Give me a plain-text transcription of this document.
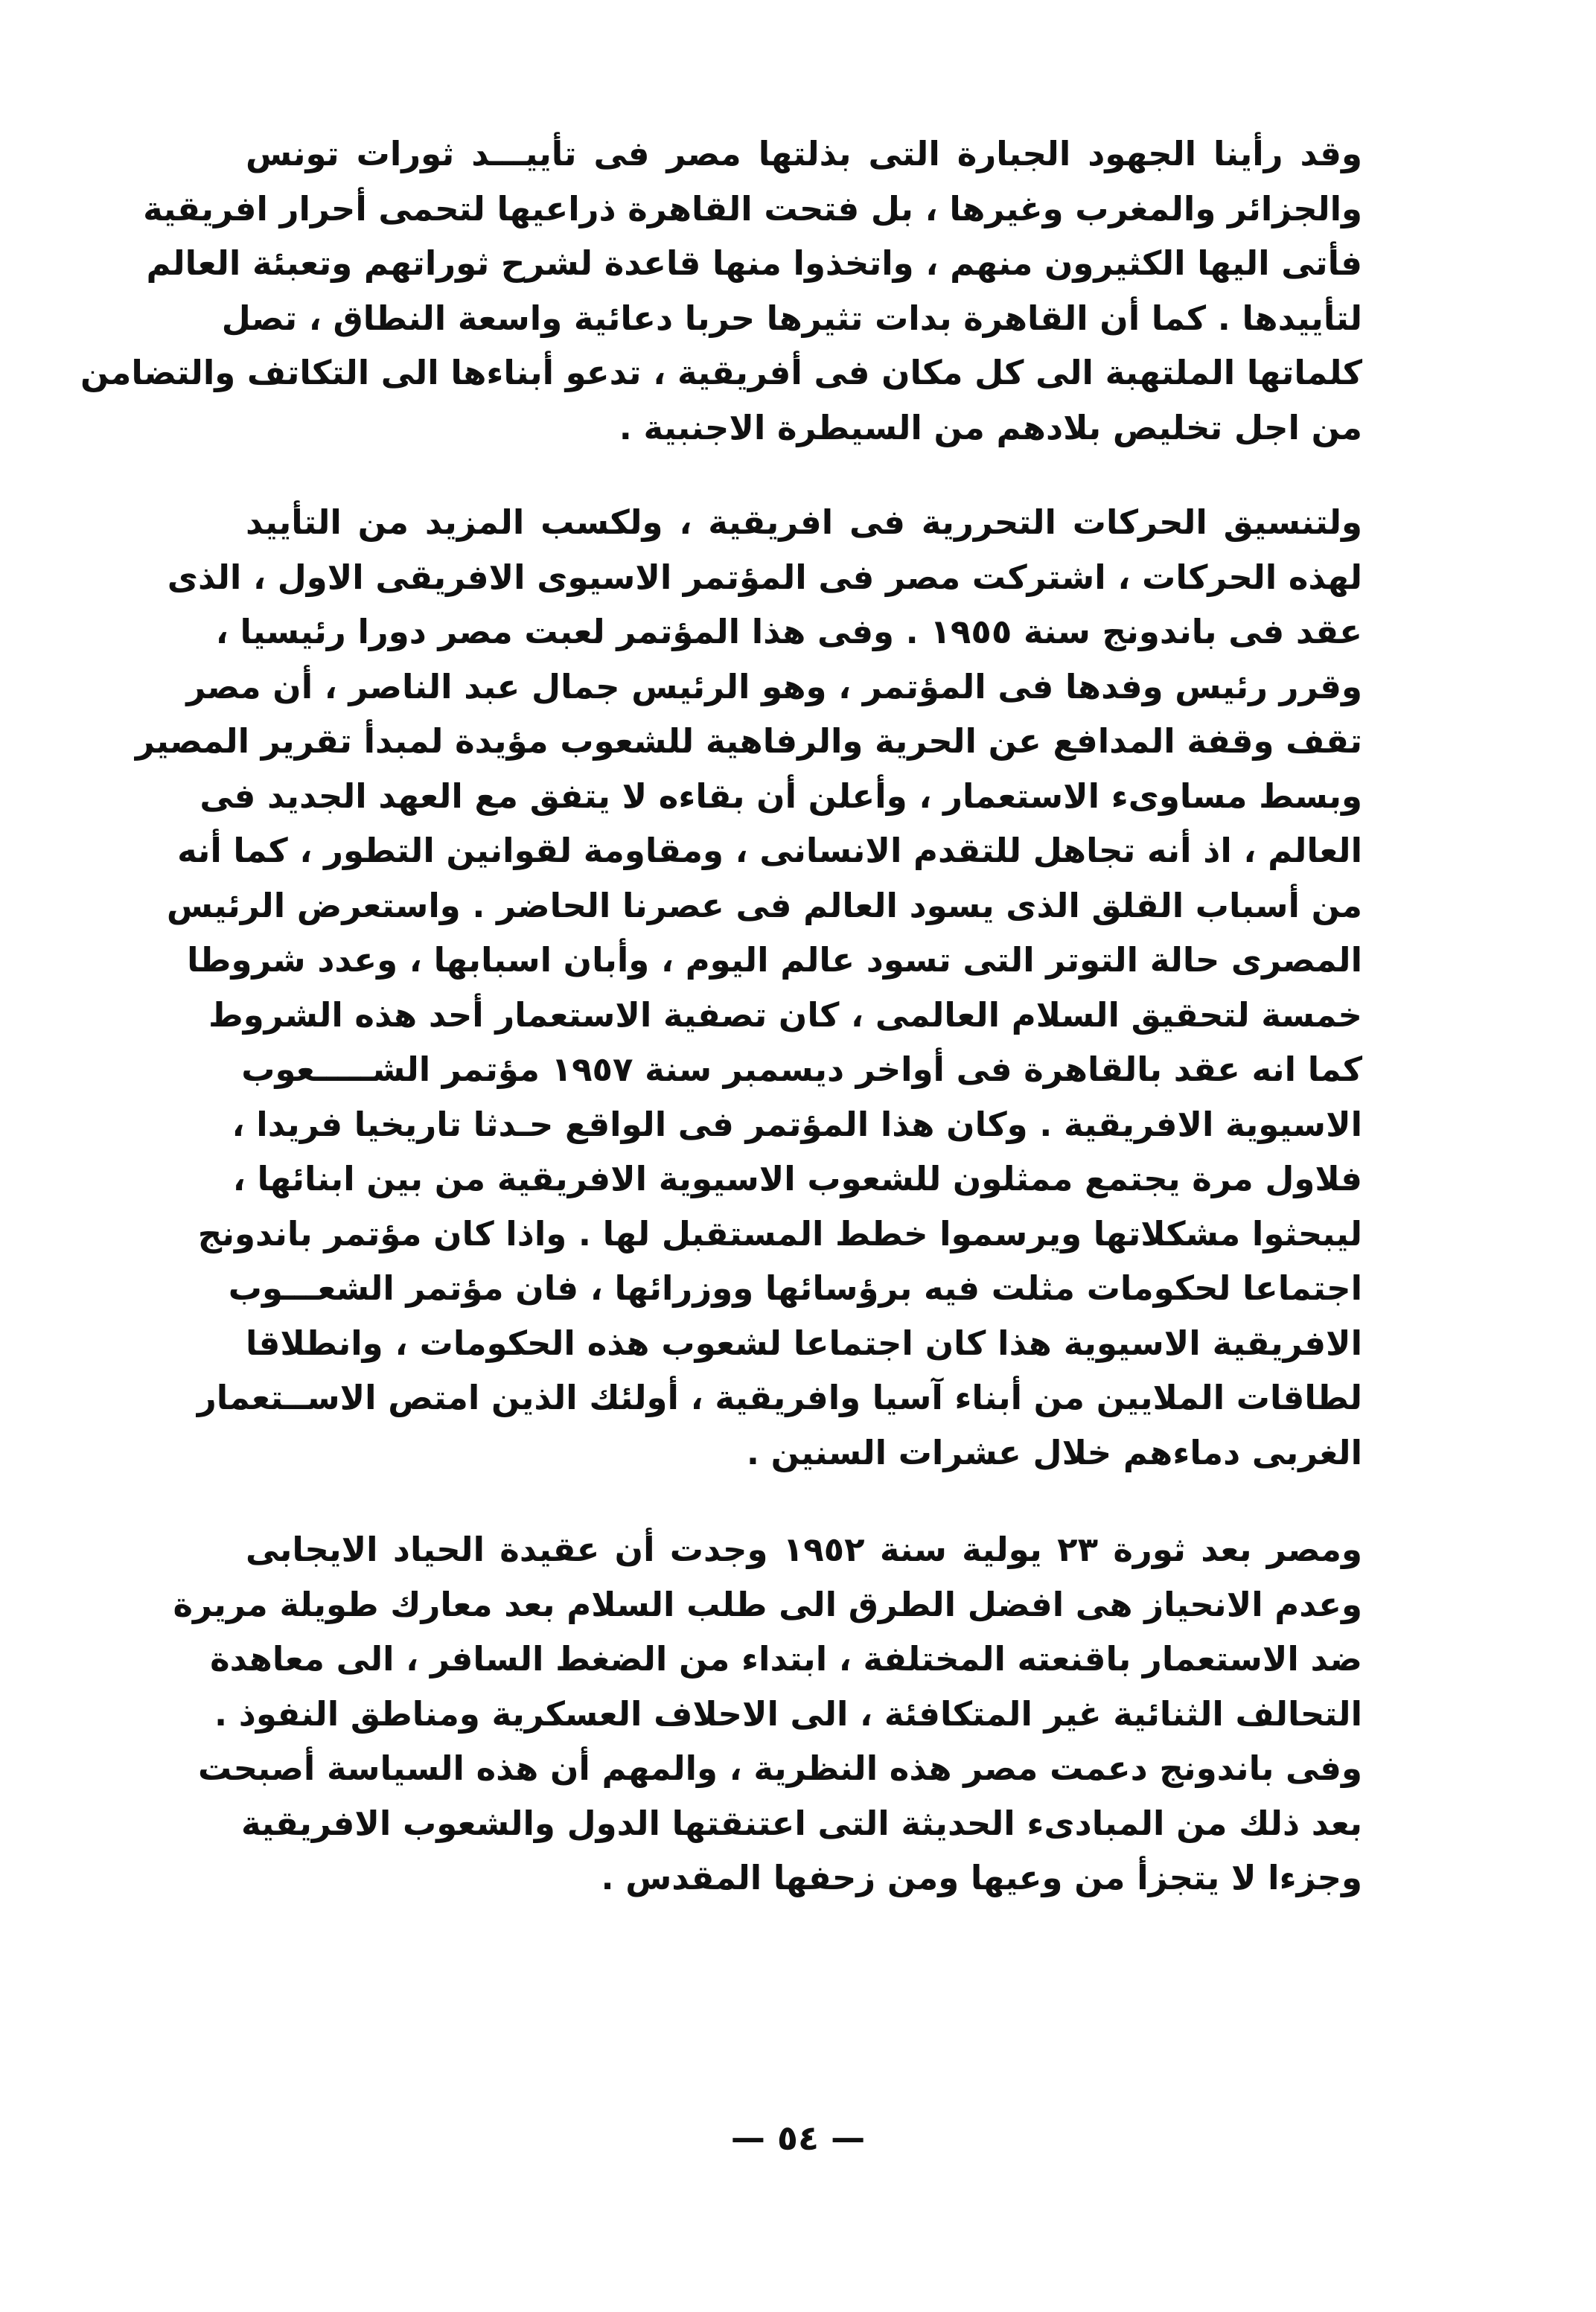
وقد رأينا الجهود الجبارة التى بذلتها مصر فى تأييـــد ثورات تونس
والجزائر والمغرب وغيرها ، بل فتحت القاهرة ذراعيها لتحمى أحرار افريقية
فأتى اليها الكثيرون منهم ، واتخذوا منها قاعدة لشرح ثوراتهم وتعبئة العالم
لتأييدها . كما أن القاهرة بدات تثيرها حربا دعائية واسعة النطاق ، تصل
كلماتها الملتهبة الى كل مكان فى أفريقية ، تدعو أبناءها الى التكاتف والتضامن
من اجل تخليص بلادهم من السيطرة الاجنبية .
ولتنسيق الحركات التحررية فى افريقية ، ولكسب المزيد من التأييد
لهذه الحركات ، اشتركت مصر فى المؤتمر الاسيوى الافريقى الاول ، الذى
عقد فى باندونج سنة ١٩٥٥ . وفى هذا المؤتمر لعبت مصر دورا رئيسيا ،
وقرر رئيس وفدها فى المؤتمر ، وهو الرئيس جمال عبد الناصر ، أن مصر
تقف وقفة المدافع عن الحرية والرفاهية للشعوب مؤيدة لمبدأ تقرير المصير
وبسط مساوىء الاستعمار ، وأعلن أن بقاءه لا يتفق مع العهد الجديد فى
العالم ، اذ أنه تجاهل للتقدم الانسانى ، ومقاومة لقوانين التطور ، كما أنه
من أسباب القلق الذى يسود العالم فى عصرنا الحاضر . واستعرض الرئيس
المصرى حالة التوتر التى تسود عالم اليوم ، وأبان اسبابها ، وعدد شروطا
خمسة لتحقيق السلام العالمى ، كان تصفية الاستعمار أحد هذه الشروط
كما انه عقد بالقاهرة فى أواخر ديسمبر سنة ١٩٥٧ مؤتمر الشـــــعوب
الاسيوية الافريقية . وكان هذا المؤتمر فى الواقع حـدثا تاريخيا فريدا ،
فلاول مرة يجتمع ممثلون للشعوب الاسيوية الافريقية من بين ابنائها ،
ليبحثوا مشكلاتها ويرسموا خطط المستقبل لها . واذا كان مؤتمر باندونج
اجتماعا لحكومات مثلت فيه برؤسائها ووزرائها ، فان مؤتمر الشعـــوب
الافريقية الاسيوية هذا كان اجتماعا لشعوب هذه الحكومات ، وانطلاقا
لطاقات الملايين من أبناء آسيا وافريقية ، أولئك الذين امتص الاســتعمار
الغربى دماءهم خلال عشرات السنين .
ومصر بعد ثورة ٢٣ يولية سنة ١٩٥٢ وجدت أن عقيدة الحياد الايجابى
وعدم الانحياز هى افضل الطرق الى طلب السلام بعد معارك طويلة مريرة
ضد الاستعمار باقنعته المختلفة ، ابتداء من الضغط السافر ، الى معاهدة
التحالف الثنائية غير المتكافئة ، الى الاحلاف العسكرية ومناطق النفوذ .
وفى باندونج دعمت مصر هذه النظرية ، والمهم أن هذه السياسة أصبحت
بعد ذلك من المبادىء الحديثة التى اعتنقتها الدول والشعوب الافريقية
وجزءا لا يتجزأ من وعيها ومن زحفها المقدس .
— ٥٤ —
